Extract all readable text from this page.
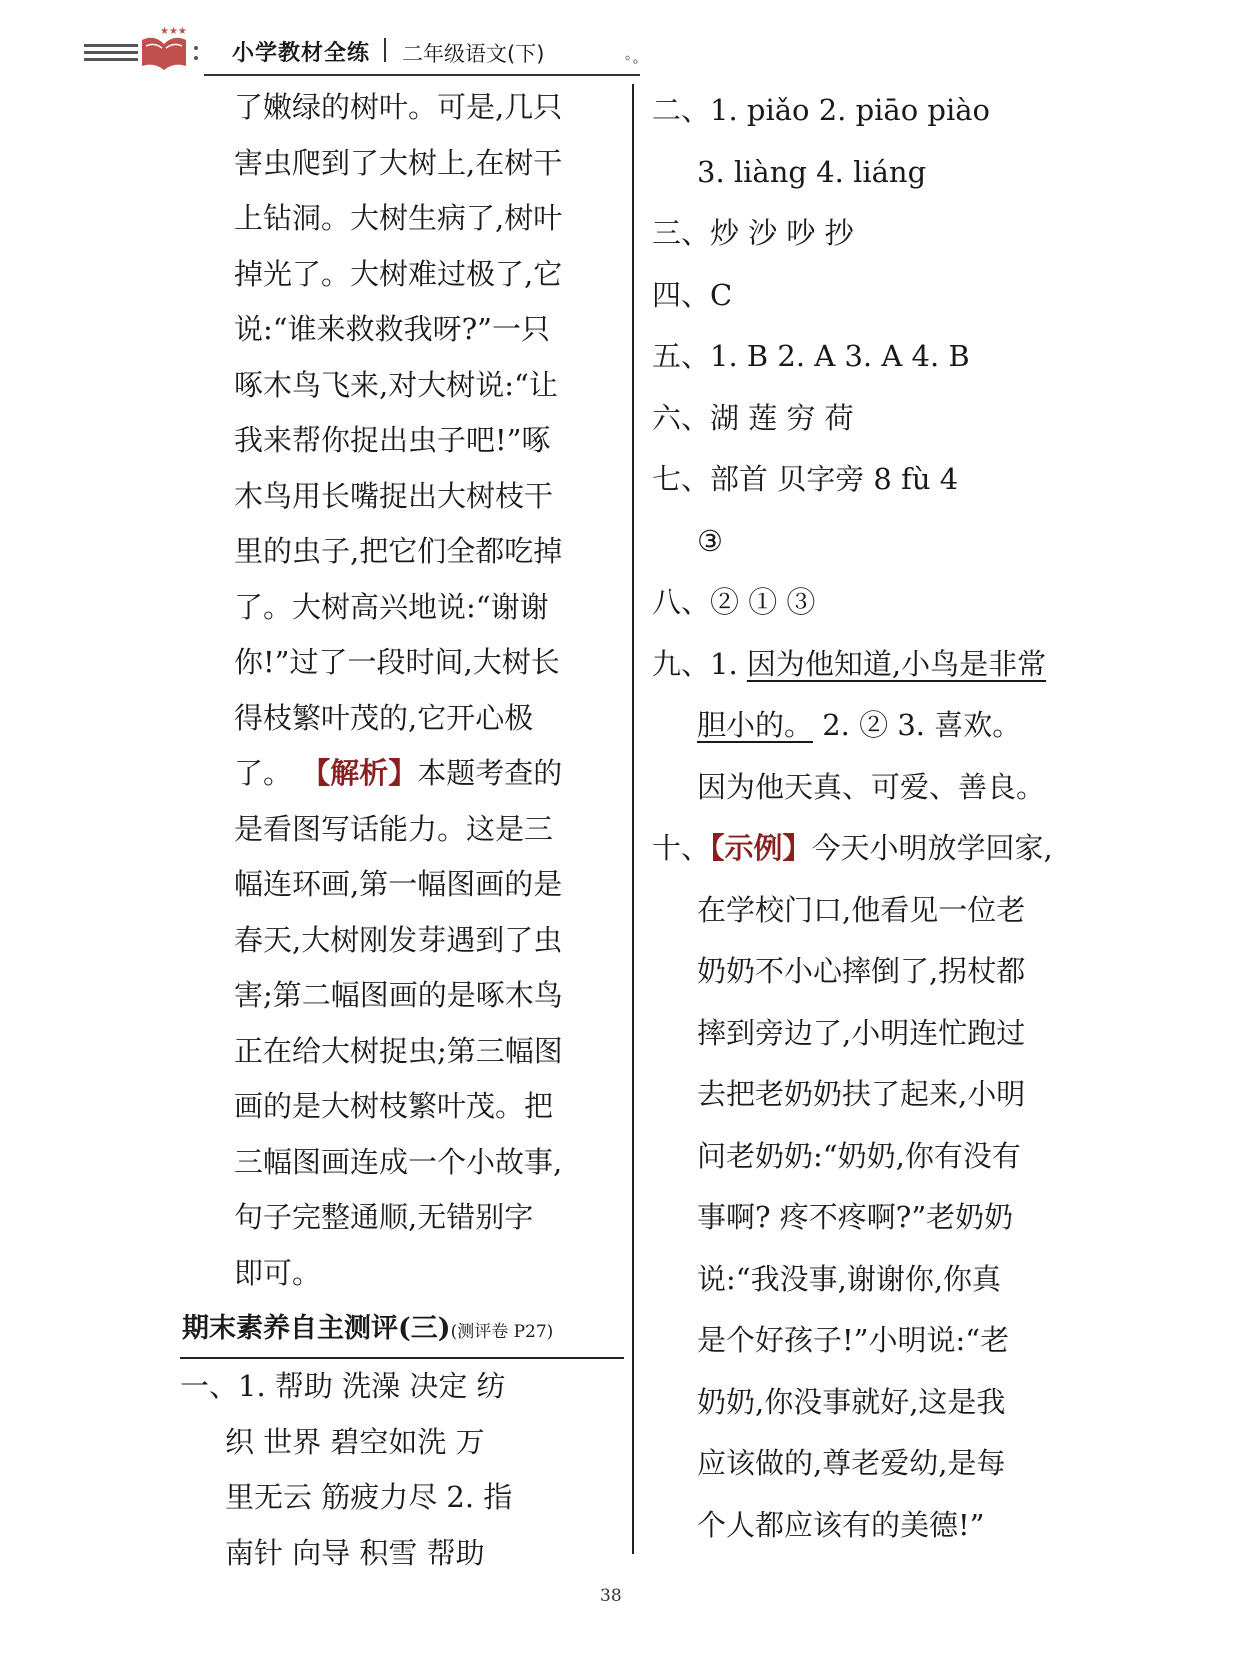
★★★
小学教材全练 二年级语文(下)	°∘
了嫩绿的树叶。可是,几只
害虫爬到了大树上,在树干
上钻洞。大树生病了,树叶
掉光了。大树难过极了,它
说:“谁来救救我呀?”一只
啄木鸟飞来,对大树说:“让
我来帮你捉出虫子吧!”啄
木鸟用长嘴捉出大树枝干
里的虫子,把它们全都吃掉
了。大树高兴地说:“谢谢
你!”过了一段时间,大树长
得枝繁叶茂的,它开心极
了。 【解析】本题考查的
是看图写话能力。这是三
幅连环画,第一幅图画的是
春天,大树刚发芽遇到了虫
害;第二幅图画的是啄木鸟
正在给大树捉虫;第三幅图
画的是大树枝繁叶茂。把
三幅图画连成一个小故事,
句子完整通顺,无错别字
即可。
期末素养自主测评(三)(测评卷 P27)
一、1. 帮助 洗澡 决定 纺
织 世界 碧空如洗 万
里无云 筋疲力尽 2. 指
南针 向导 积雪 帮助
二、1. piǎo 2. piāo piào
3. liàng 4. liáng
三、炒 沙 吵 抄
四、C
五、1. B 2. A 3. A 4. B
六、湖 莲 穷 荷
七、部首 贝字旁 8 fù 4
③
八、② ① ③
九、1. 因为他知道,小鸟是非常
胆小的。 2. ② 3. 喜欢。
因为他天真、可爱、善良。
十、【示例】今天小明放学回家,
在学校门口,他看见一位老
奶奶不小心摔倒了,拐杖都
摔到旁边了,小明连忙跑过
去把老奶奶扶了起来,小明
问老奶奶:“奶奶,你有没有
事啊? 疼不疼啊?”老奶奶
说:“我没事,谢谢你,你真
是个好孩子!”小明说:“老
奶奶,你没事就好,这是我
应该做的,尊老爱幼,是每
个人都应该有的美德!”
38
